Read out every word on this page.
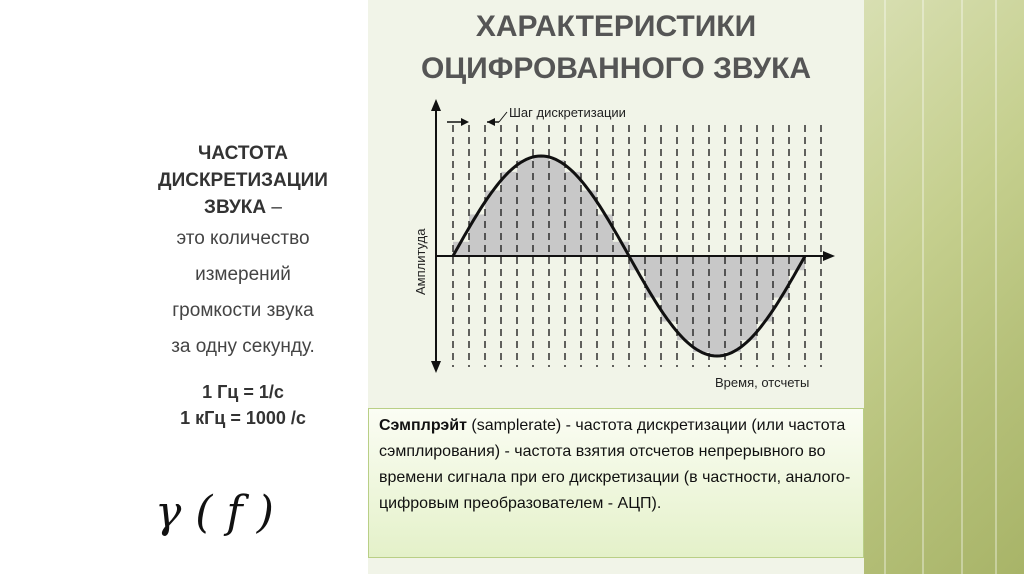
ЧАСТОТА
ДИСКРЕТИЗАЦИИ
ЗВУКА –
это количество
измерений
громкости звука
за одну секунду.
1 Гц = 1/с
1 кГц = 1000 /с
γ ( f )
ХАРАКТЕРИСТИКИ
ОЦИФРОВАННОГО ЗВУКА
Шаг дискретизации
Амплитуда
Время, отсчеты
Сэмплрэйт (samplerate) - частота дискретизации (или частота сэмплирования) - частота взятия отсчетов непрерывного во времени сигнала при его дискретизации (в частности, аналого-цифровым преобразователем - АЦП).
